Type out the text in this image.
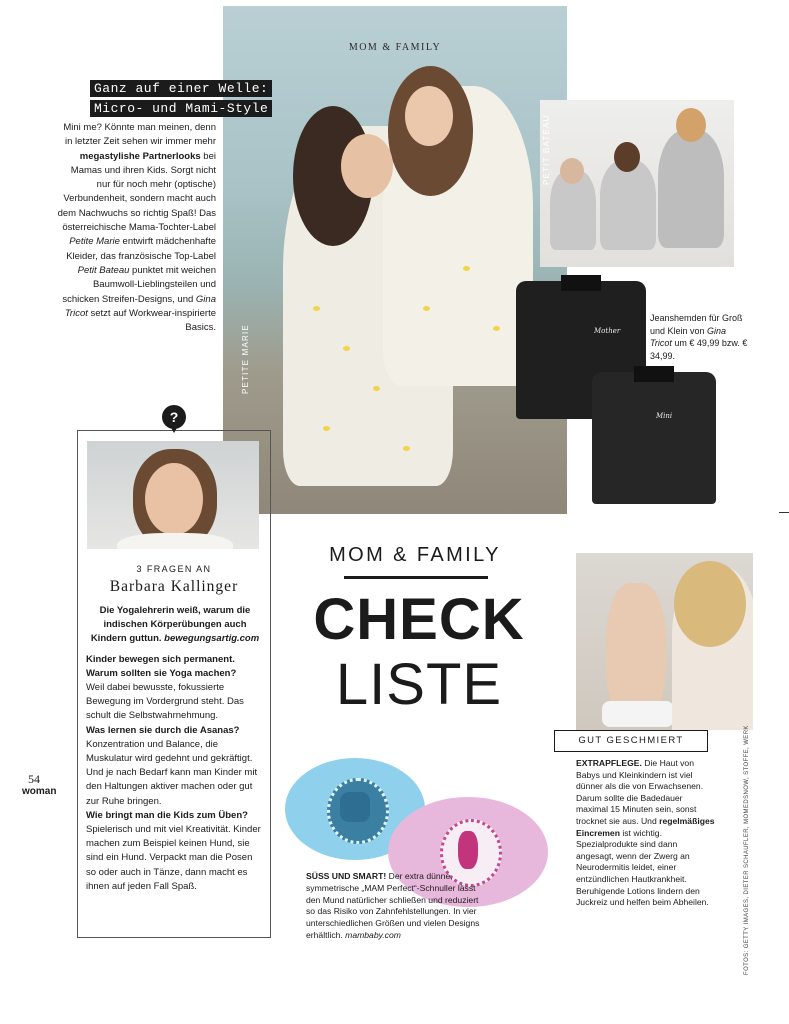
MOM & FAMILY
PETITE MARIE
Ganz auf einer Welle:
Micro- und Mami-Style
Mini me? Könnte man meinen, denn in letzter Zeit sehen wir immer mehr megastylishe Partnerlooks bei Mamas und ihren Kids. Sorgt nicht nur für noch mehr (optische) Verbundenheit, sondern macht auch dem Nachwuchs so richtig Spaß! Das österreichische Mama-Tochter-Label Petite Marie entwirft mädchenhafte Kleider, das französische Top-Label Petit Bateau punktet mit weichen Baumwoll-Lieblingsteilen und schicken Streifen-Designs, und Gina Tricot setzt auf Workwear-inspirierte Basics.
PETIT BATEAU
Mother
Mini
Jeanshemden für Groß und Klein von Gina Tricot um € 49,99 bzw. € 34,99.
?
3 FRAGEN AN
Barbara Kallinger

Die Yogalehrerin weiß, warum die indischen Körperübungen auch Kindern guttun. bewegungsartig.com

Kinder bewegen sich permanent. Warum sollten sie Yoga machen?
Weil dabei bewusste, fokussierte Bewegung im Vordergrund steht. Das schult die Selbstwahrnehmung.
Was lernen sie durch die Asanas?
Konzentration und Balance, die Muskulatur wird gedehnt und gekräftigt. Und je nach Bedarf kann man Kinder mit den Haltungen aktiver machen oder gut zur Ruhe bringen.
Wie bringt man die Kids zum Üben?
Spielerisch und mit viel Kreativität. Kinder machen zum Beispiel keinen Hund, sie sind ein Hund. Verpackt man die Posen so oder auch in Tänze, dann macht es ihnen auf jeden Fall Spaß.
MOM & FAMILY
CHECK
LISTE
SÜSS UND SMART! Der extra dünne, symmetrische „MAM Perfect“-Schnuller lässt den Mund natürlicher schließen und reduziert so das Risiko von Zahnfehlstellungen. In vier unterschiedlichen Größen und vielen Designs erhältlich. mambaby.com
GUT GESCHMIERT
EXTRAPFLEGE. Die Haut von Babys und Kleinkindern ist viel dünner als die von Erwachsenen. Darum sollte die Badedauer maximal 15 Minuten sein, sonst trocknet sie aus. Und regelmäßiges Eincremen ist wichtig. Spezialprodukte sind dann angesagt, wenn der Zwerg an Neurodermitis leidet, einer entzündlichen Hautkrankheit. Beruhigende Lotions lindern den Juckreiz und helfen beim Abheilen.
54
woman	FOTOS: GETTY IMAGES, DIETER SCHAUFLER, MOMEDSNOW, STOFFE, WERK
